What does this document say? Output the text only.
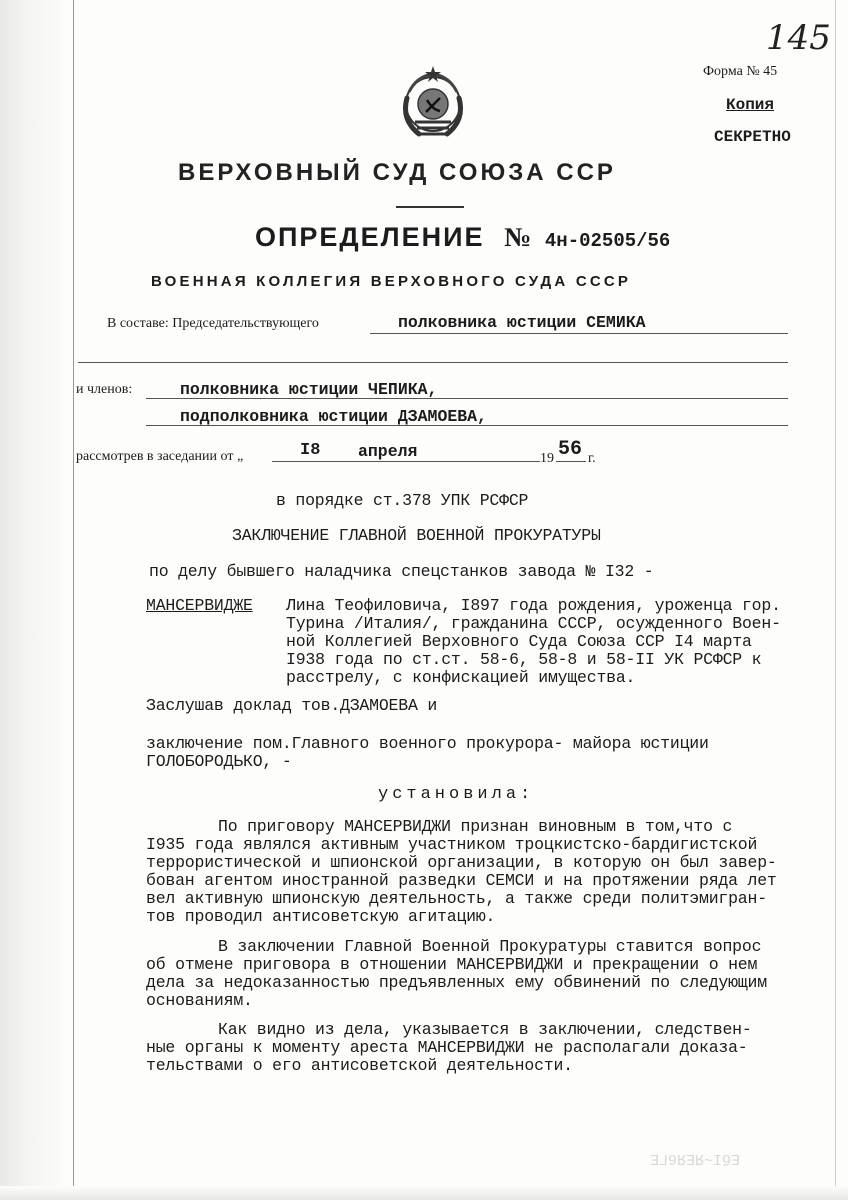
145
Форма № 45
Копия
СЕКРЕТНО
ВЕРХОВНЫЙ СУД СОЮЗА ССР
ОПРЕДЕЛЕНИЕ № 4н-02505/56
ВОЕННАЯ КОЛЛЕГИЯ ВЕРХОВНОГО СУДА СССР
В составе: Председательствующего	полковника юстиции СЕМИКА
и членов:	полковника юстиции ЧЕПИКА,
подполковника юстиции ДЗАМОЕВА,
рассмотрев в заседании от „	I8 апреля	19 56 г.
в порядке ст.378 УПК РСФСР
ЗАКЛЮЧЕНИЕ ГЛАВНОЙ ВОЕННОЙ ПРОКУРАТУРЫ
по делу бывшего наладчика спецстанков завода № I32 -
МАНСЕРВИДЖЕ Лина Теофиловича, I897 года рождения, уроженца гор.
Турина /Италия/, гражданина СССР, осужденного Воен-
ной Коллегией Верховного Суда Союза ССР I4 марта
I938 года по ст.ст. 58-6, 58-8 и 58-II УК РСФСР к
расстрелу, с конфискацией имущества.
Заслушав доклад тов.ДЗАМОЕВА и
заключение пом.Главного военного прокурора- майора юстиции
ГОЛОБОРОДЬКО, -
установила:
По приговору МАНСЕРВИДЖИ признан виновным в том,что с
I935 года являлся активным участником троцкистско-бардигистской
террористической и шпионской организации, в которую он был завер-
бован агентом иностранной разведки СЕМСИ и на протяжении ряда лет
вел активную шпионскую деятельность, а также среди политэмигран-
тов проводил антисоветскую агитацию.
В заключении Главной Военной Прокуратуры ставится вопрос
об отмене приговора в отношении МАНСЕРВИДЖИ и прекращении о нем
дела за недоказанностью предъявленных ему обвинений по следующим
основаниям.
Как видно из дела, указывается в заключении, следствен-
ные органы к моменту ареста МАНСЕРВИДЖИ не располагали доказа-
тельствами о его антисоветской деятельности.
ЕбI~ЯЕЯ6ГЕ
